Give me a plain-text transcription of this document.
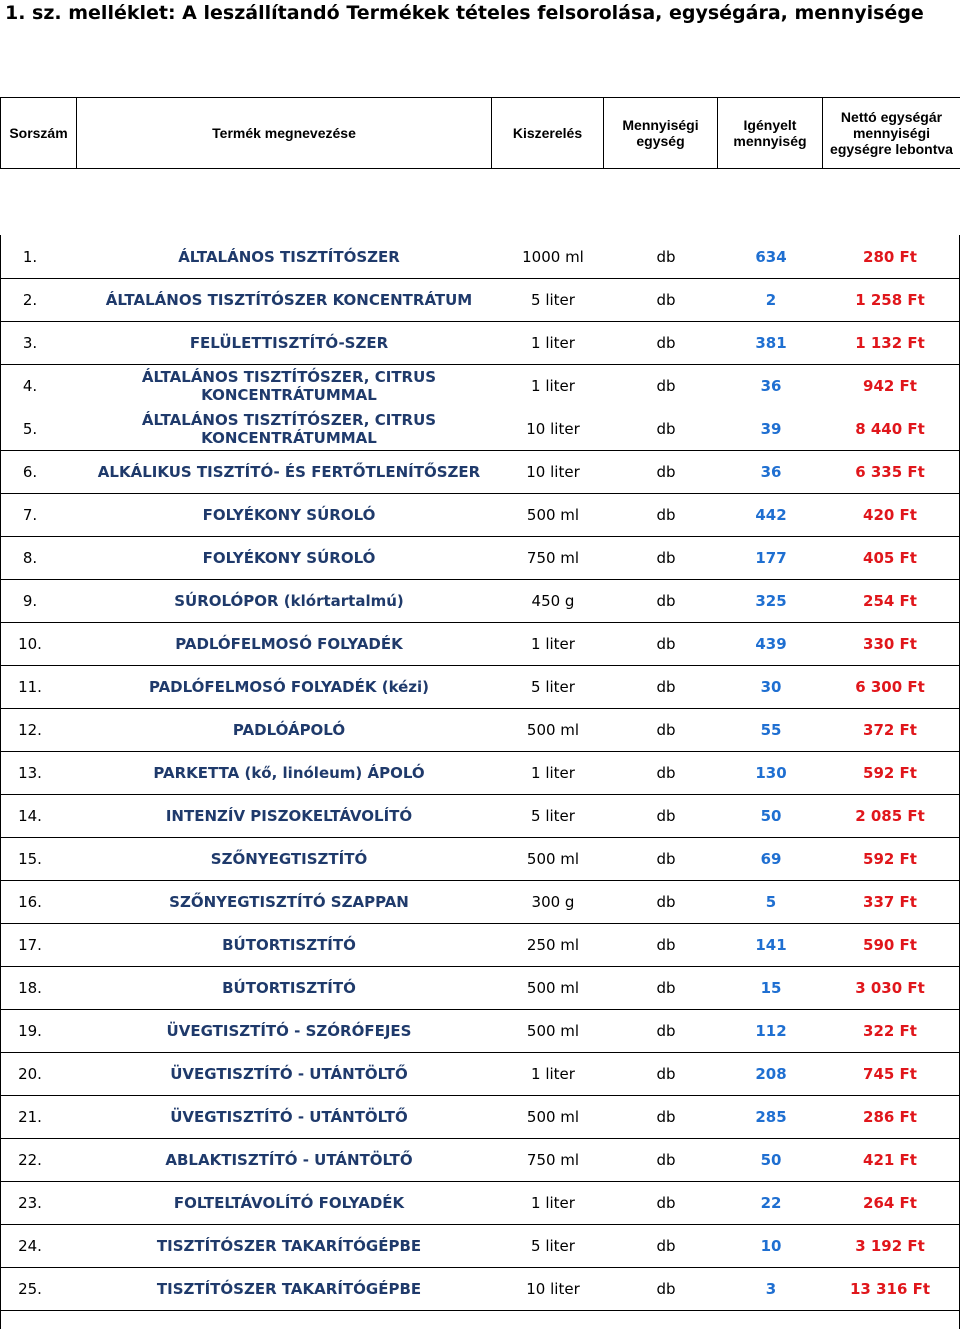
1. sz. melléklet: A leszállítandó Termékek tételes felsorolása, egységára, mennyisége
Sorszám	Termék megnevezése	Kiszerelés	Mennyiségi egység	Igényelt mennyiség	Nettó egységár mennyiségi egységre lebontva
1.	ÁLTALÁNOS TISZTÍTÓSZER	1000 ml	db	634	280 Ft
2.	ÁLTALÁNOS TISZTÍTÓSZER KONCENTRÁTUM	5 liter	db	2	1 258 Ft
3.	FELÜLETTISZTÍTÓ-SZER	1 liter	db	381	1 132 Ft
4.	ÁLTALÁNOS TISZTÍTÓSZER, CITRUS
KONCENTRÁTUMMAL	1 liter	db	36	942 Ft
5.	ÁLTALÁNOS TISZTÍTÓSZER, CITRUS
KONCENTRÁTUMMAL	10 liter	db	39	8 440 Ft
6.	ALKÁLIKUS TISZTÍTÓ- ÉS FERTŐTLENÍTŐSZER	10 liter	db	36	6 335 Ft
7.	FOLYÉKONY SÚROLÓ	500 ml	db	442	420 Ft
8.	FOLYÉKONY SÚROLÓ	750 ml	db	177	405 Ft
9.	SÚROLÓPOR (klórtartalmú)	450 g	db	325	254 Ft
10.	PADLÓFELMOSÓ FOLYADÉK	1 liter	db	439	330 Ft
11.	PADLÓFELMOSÓ FOLYADÉK (kézi)	5 liter	db	30	6 300 Ft
12.	PADLÓÁPOLÓ	500 ml	db	55	372 Ft
13.	PARKETTA (kő, linóleum) ÁPOLÓ	1 liter	db	130	592 Ft
14.	INTENZÍV PISZOKELTÁVOLÍTÓ	5 liter	db	50	2 085 Ft
15.	SZŐNYEGTISZTÍTÓ	500 ml	db	69	592 Ft
16.	SZŐNYEGTISZTÍTÓ SZAPPAN	300 g	db	5	337 Ft
17.	BÚTORTISZTÍTÓ	250 ml	db	141	590 Ft
18.	BÚTORTISZTÍTÓ	500 ml	db	15	3 030 Ft
19.	ÜVEGTISZTÍTÓ - SZÓRÓFEJES	500 ml	db	112	322 Ft
20.	ÜVEGTISZTÍTÓ - UTÁNTÖLTŐ	1 liter	db	208	745 Ft
21.	ÜVEGTISZTÍTÓ - UTÁNTÖLTŐ	500 ml	db	285	286 Ft
22.	ABLAKTISZTÍTÓ - UTÁNTÖLTŐ	750 ml	db	50	421 Ft
23.	FOLTELTÁVOLÍTÓ FOLYADÉK	1 liter	db	22	264 Ft
24.	TISZTÍTÓSZER TAKARÍTÓGÉPBE	5 liter	db	10	3 192 Ft
25.	TISZTÍTÓSZER TAKARÍTÓGÉPBE	10 liter	db	3	13 316 Ft
